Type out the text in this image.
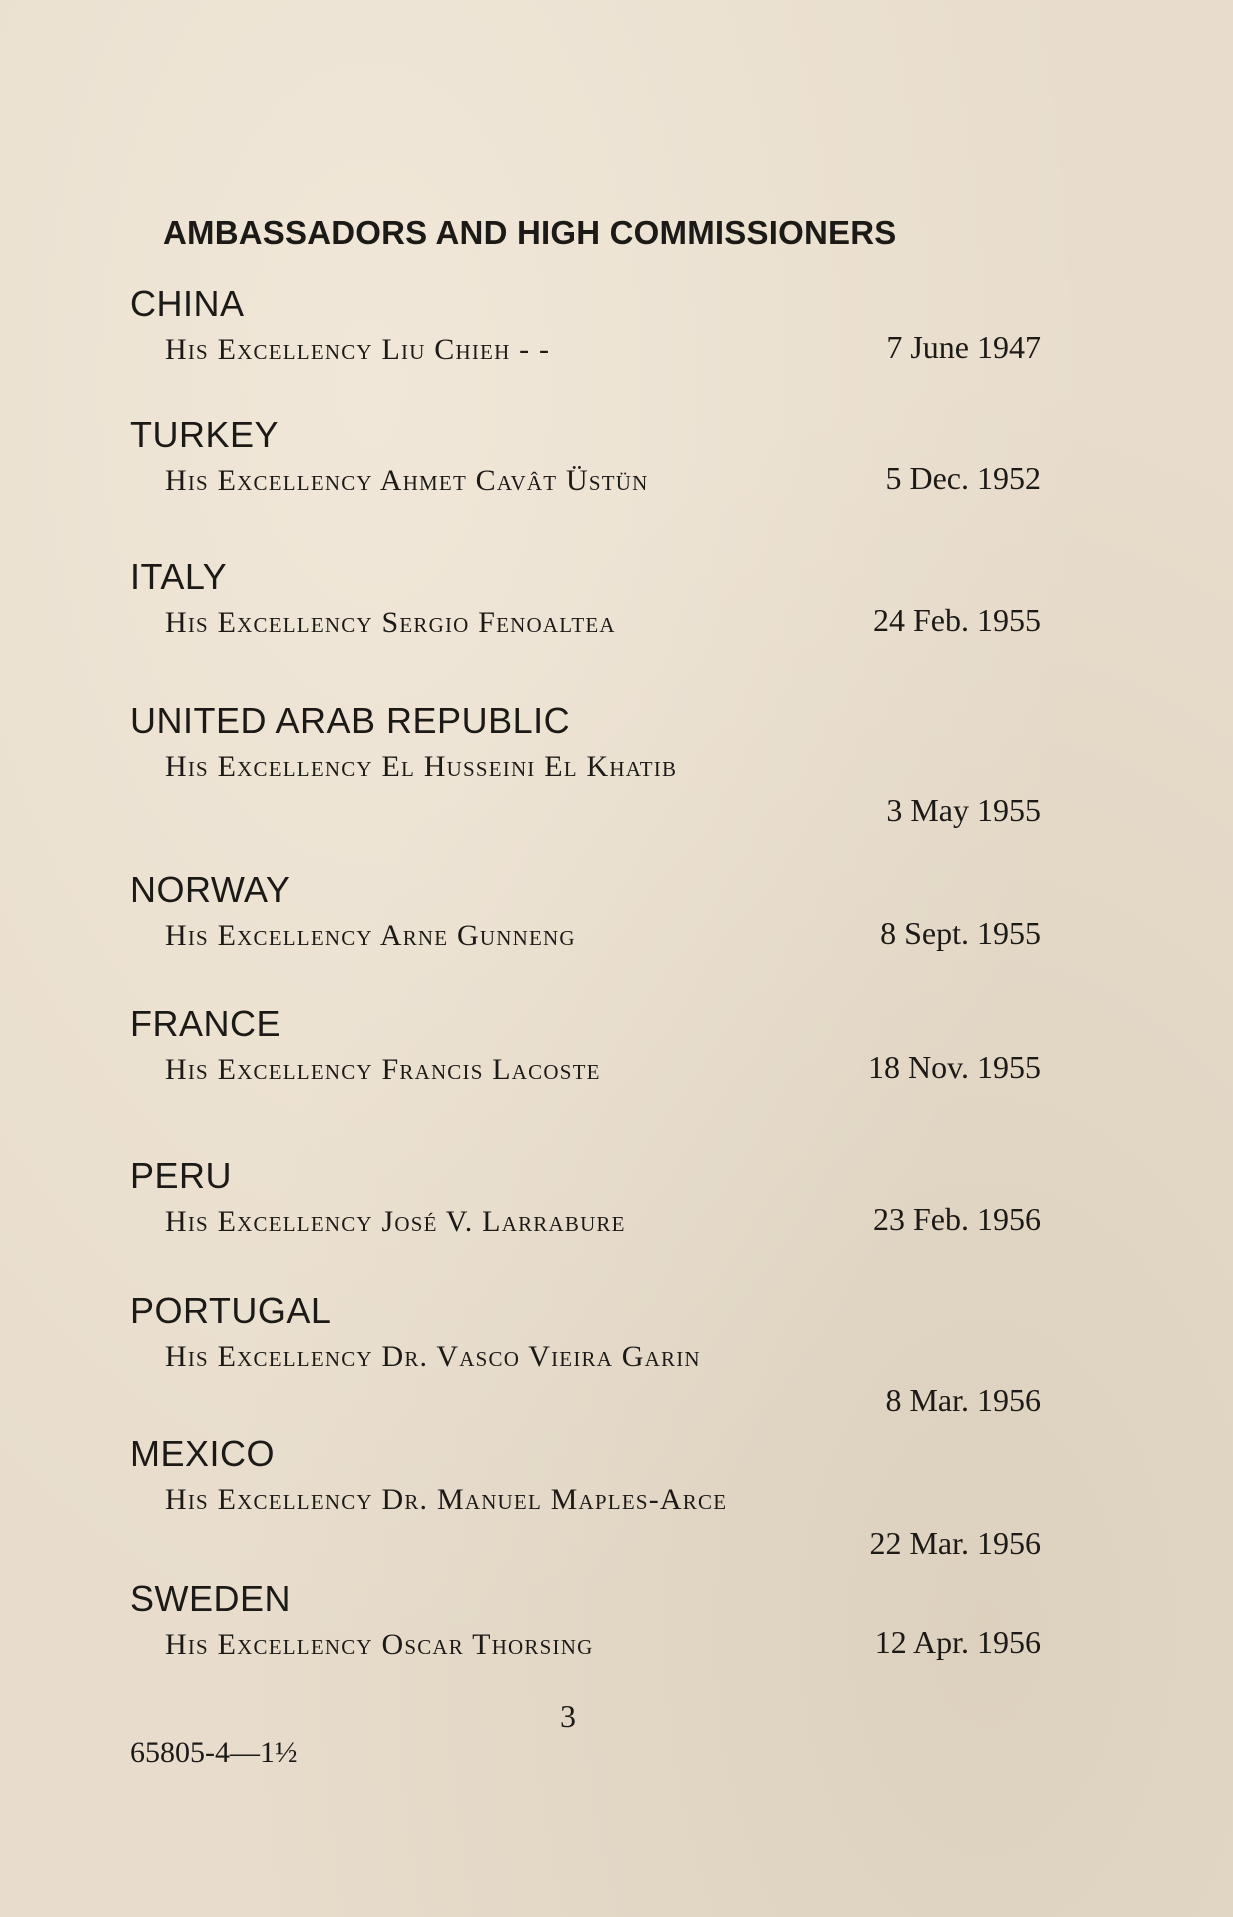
AMBASSADORS AND HIGH COMMISSIONERS
CHINA
His Excellency Liu Chieh - -	7 June 1947
TURKEY
His Excellency Ahmet Cavât Üstün	5 Dec. 1952
ITALY
His Excellency Sergio Fenoaltea	24 Feb. 1955
UNITED ARAB REPUBLIC
His Excellency El Husseini El Khatib
3 May 1955
NORWAY
His Excellency Arne Gunneng	8 Sept. 1955
FRANCE
His Excellency Francis Lacoste	18 Nov. 1955
PERU
His Excellency José V. Larrabure	23 Feb. 1956
PORTUGAL
His Excellency Dr. Vasco Vieira Garin
8 Mar. 1956
MEXICO
His Excellency Dr. Manuel Maples-Arce
22 Mar. 1956
SWEDEN
His Excellency Oscar Thorsing	12 Apr. 1956
3
65805-4—1½
